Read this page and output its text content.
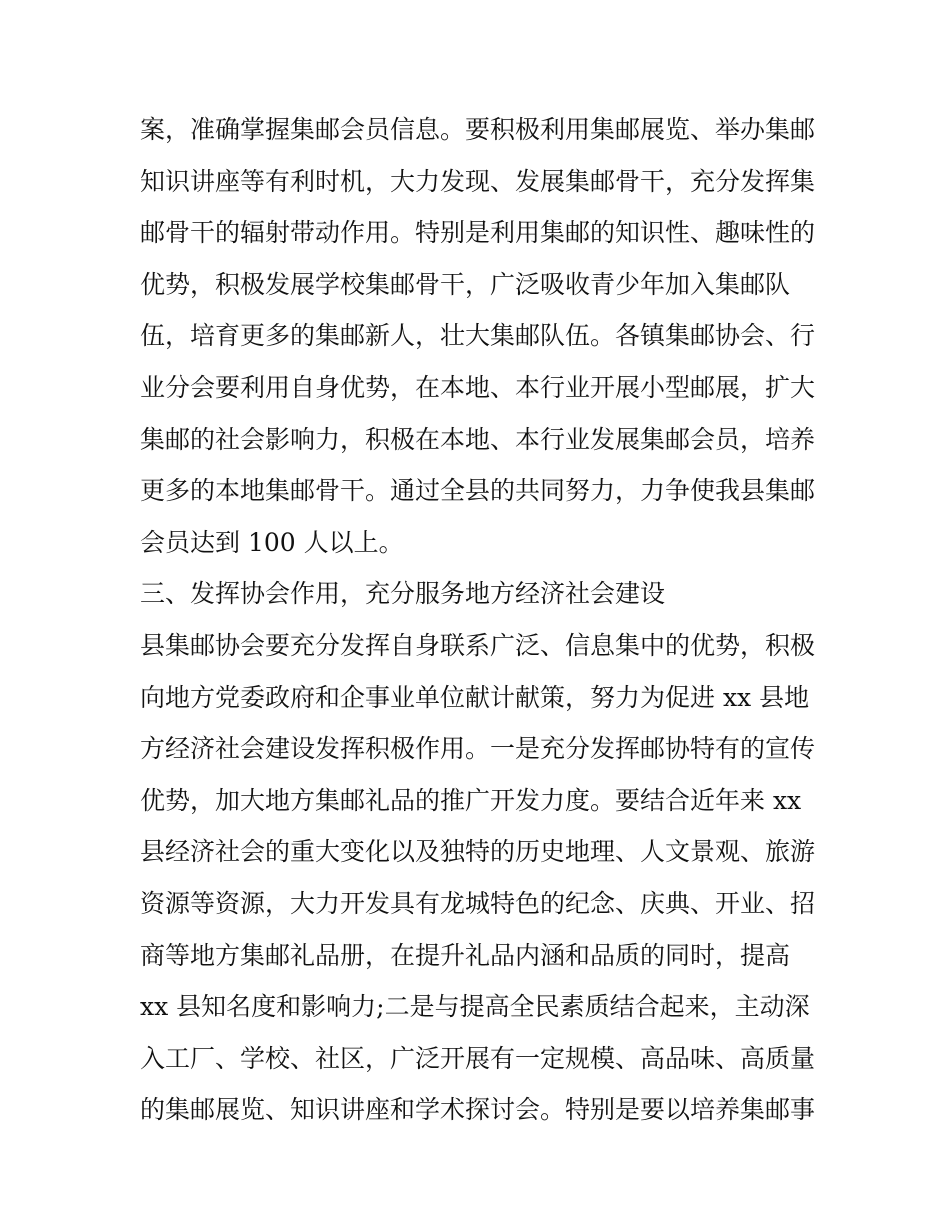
案，准确掌握集邮会员信息。要积极利用集邮展览、举办集邮
知识讲座等有利时机，大力发现、发展集邮骨干，充分发挥集
邮骨干的辐射带动作用。特别是利用集邮的知识性、趣味性的
优势，积极发展学校集邮骨干，广泛吸收青少年加入集邮队
伍，培育更多的集邮新人，壮大集邮队伍。各镇集邮协会、行
业分会要利用自身优势，在本地、本行业开展小型邮展，扩大
集邮的社会影响力，积极在本地、本行业发展集邮会员，培养
更多的本地集邮骨干。通过全县的共同努力，力争使我县集邮
会员达到 100 人以上。
三、发挥协会作用，充分服务地方经济社会建设
县集邮协会要充分发挥自身联系广泛、信息集中的优势，积极
向地方党委政府和企事业单位献计献策，努力为促进 xx 县地
方经济社会建设发挥积极作用。一是充分发挥邮协特有的宣传
优势，加大地方集邮礼品的推广开发力度。要结合近年来 xx
县经济社会的重大变化以及独特的历史地理、人文景观、旅游
资源等资源，大力开发具有龙城特色的纪念、庆典、开业、招
商等地方集邮礼品册，在提升礼品内涵和品质的同时，提高
xx 县知名度和影响力;二是与提高全民素质结合起来，主动深
入工厂、学校、社区，广泛开展有一定规模、高品味、高质量
的集邮展览、知识讲座和学术探讨会。特别是要以培养集邮事
